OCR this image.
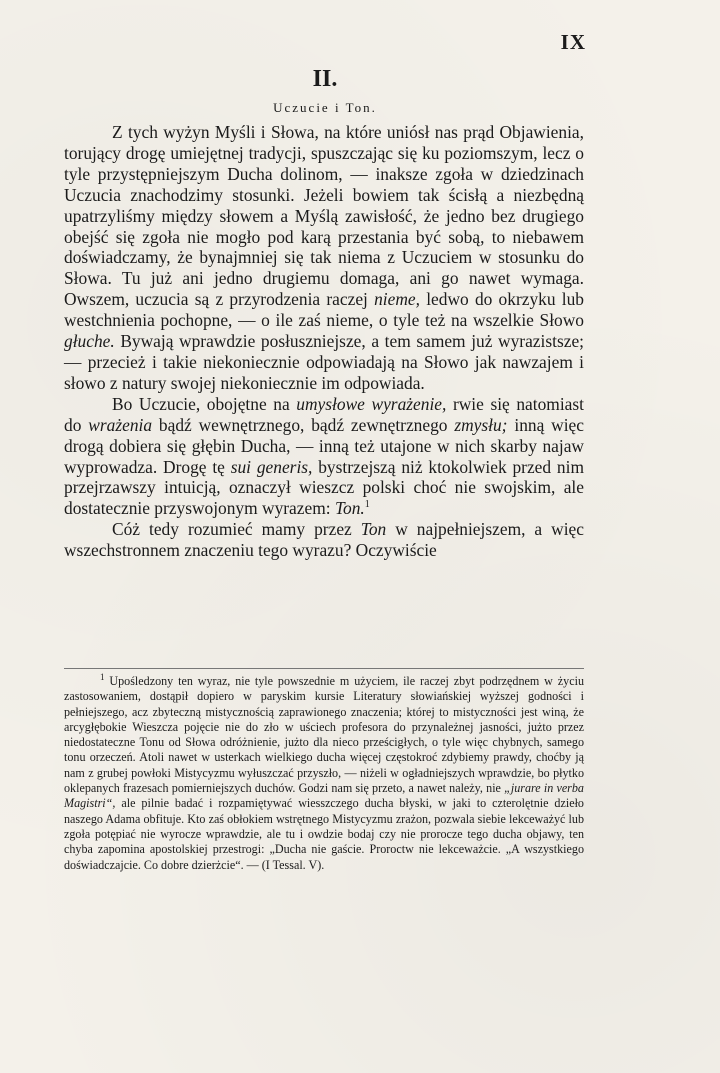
IX
II.
Uczucie i Ton.

Z tych wyżyn Myśli i Słowa, na które uniósł nas prąd Objawienia, torujący drogę umiejętnej tradycji, spuszczając się ku poziomszym, lecz o tyle przystępniejszym Ducha dolinom, — inaksze zgoła w dziedzinach Uczucia znachodzimy stosunki. Jeżeli bowiem tak ścisłą a niezbędną upatrzyliśmy między słowem a Myślą zawisłość, że jedno bez drugiego obejść się zgoła nie mogło pod karą przestania być sobą, to niebawem doświadczamy, że bynajmniej się tak niema z Uczuciem w stosunku do Słowa. Tu już ani jedno drugiemu domaga, ani go nawet wymaga. Owszem, uczucia są z przyrodzenia raczej nieme, ledwo do okrzyku lub westchnienia pochopne, — o ile zaś nieme, o tyle też na wszelkie Słowo głuche. Bywają wprawdzie posłuszniejsze, a tem samem już wyrazistsze; — przecież i takie niekoniecznie odpowiadają na Słowo jak nawzajem i słowo z natury swojej niekoniecznie im odpowiada.

Bo Uczucie, obojętne na umysłowe wyrażenie, rwie się natomiast do wrażenia bądź wewnętrznego, bądź zewnętrznego zmysłu; inną więc drogą dobiera się głębin Ducha, — inną też utajone w nich skarby najaw wyprowadza. Drogę tę sui generis, bystrzejszą niż ktokolwiek przed nim przejrzawszy intuicją, oznaczył wieszcz polski choć nie swojskim, ale dostatecznie przyswojonym wyrazem: Ton.$^1$

Cóż tedy rozumieć mamy przez Ton w najpełniejszem, a więc wszechstronnem znaczeniu tego wyrazu? Oczywiście

$^1$ Upośledzony ten wyraz, nie tyle powszednie m użyciem, ile raczej zbyt podrzędnem w życiu zastosowaniem, dostąpił dopiero w paryskim kursie Literatury słowiańskiej wyższej godności i pełniejszego, acz zbyteczną mistycznością zaprawionego znaczenia; której to mistyczności jest winą, że arcygłębokie Wieszcza pojęcie nie do zło w uściech profesora do przynależnej jasności, jużto przez niedostateczne Tonu od Słowa odróżnienie, jużto dla nieco prześcigłych, o tyle więc chybnych, samego tonu orzeczeń. Atoli nawet w usterkach wielkiego ducha więcej częstokroć zdybiemy prawdy, choćby ją nam z grubej powłoki Mistycyzmu wyłuszczać przyszło, — niżeli w ogładniejszych wprawdzie, bo płytko oklepanych frazesach pomierniejszych duchów. Godzi nam się przeto, a nawet należy, nie „jurare in verba Magistri“, ale pilnie badać i rozpamiętywać wiesszczego ducha błyski, w jaki to czterolętnie dzieło naszego Adama obfituje. Kto zaś obłokiem wstrętnego Mistycyzmu zrażon, pozwala siebie lekceważyć lub zgoła potępiać nie wyrocze wprawdzie, ale tu i owdzie bodaj czy nie prorocze tego ducha objawy, ten chyba zapomina apostolskiej przestrogi: „Ducha nie gaście. Proroctw nie lekceważcie. „A wszystkiego doświadczajcie. Co dobre dzierżcie“. — (I Tessal. V).
